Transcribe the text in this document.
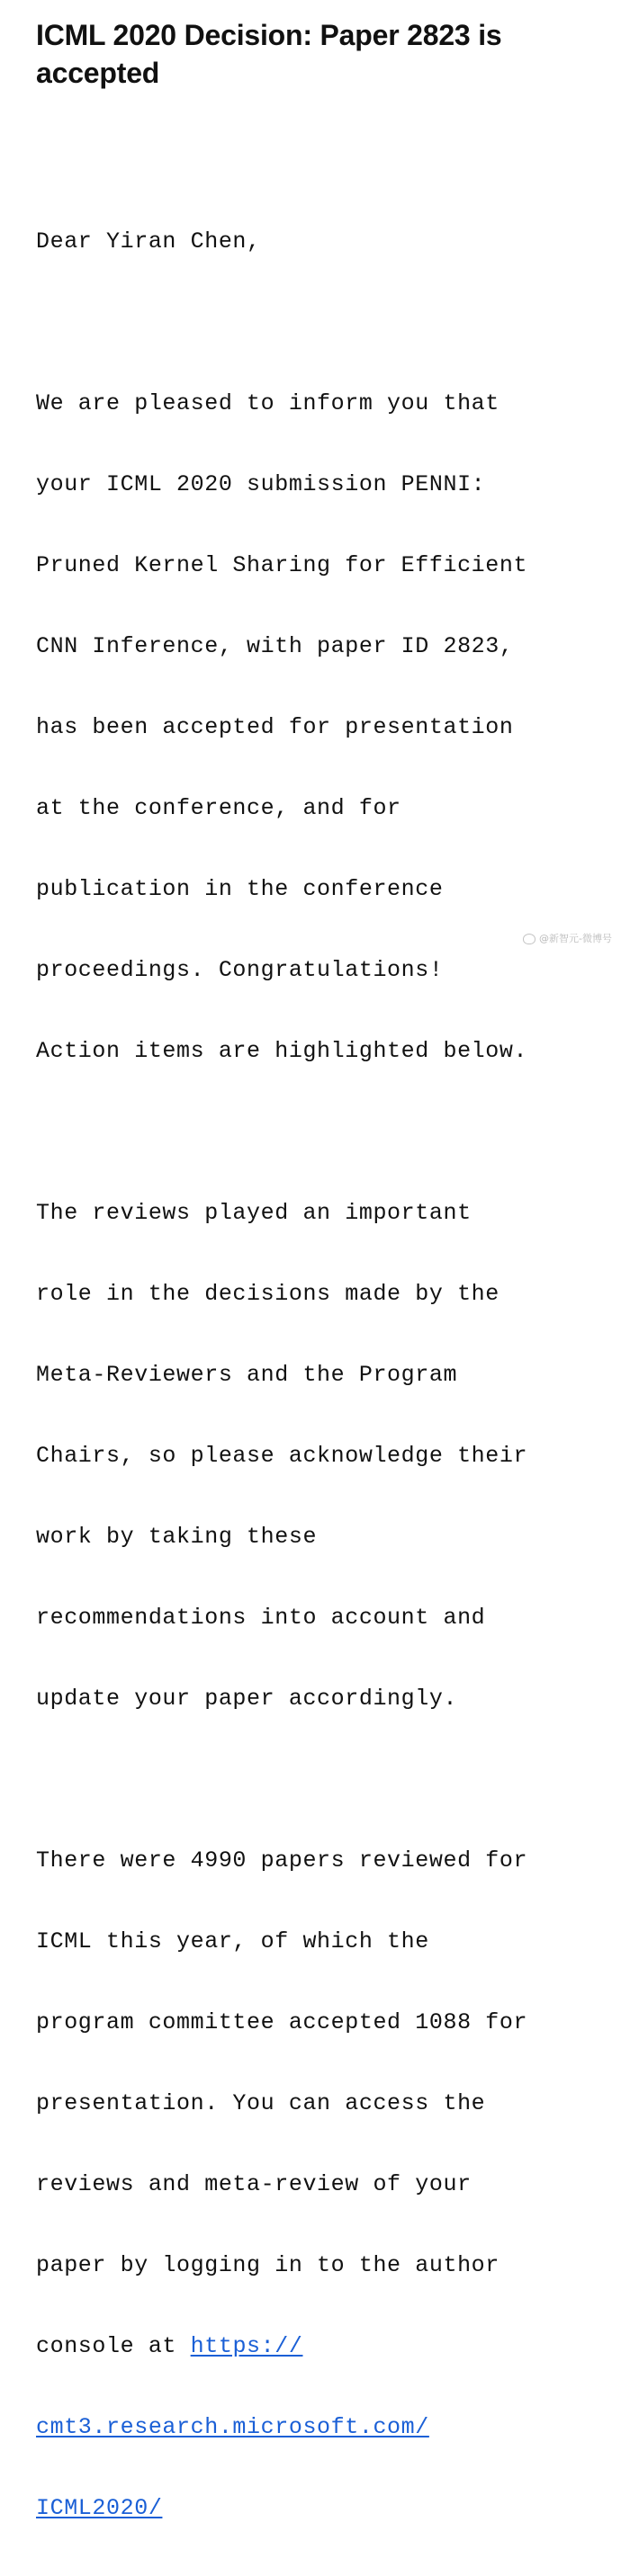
ICML 2020 Decision: Paper 2823 is accepted

Dear Yiran Chen,

We are pleased to inform you that

your ICML 2020 submission PENNI:

Pruned Kernel Sharing for Efficient

CNN Inference, with paper ID 2823,

has been accepted for presentation

at the conference, and for

publication in the conference

proceedings. Congratulations!

Action items are highlighted below.

The reviews played an important

role in the decisions made by the

Meta-Reviewers and the Program

Chairs, so please acknowledge their

work by taking these

recommendations into account and

update your paper accordingly.

There were 4990 papers reviewed for

ICML this year, of which the

program committee accepted 1088 for

presentation. You can access the

reviews and meta-review of your

paper by logging in to the author

console at https://

cmt3.research.microsoft.com/

ICML2020/

@新智元-微博号
